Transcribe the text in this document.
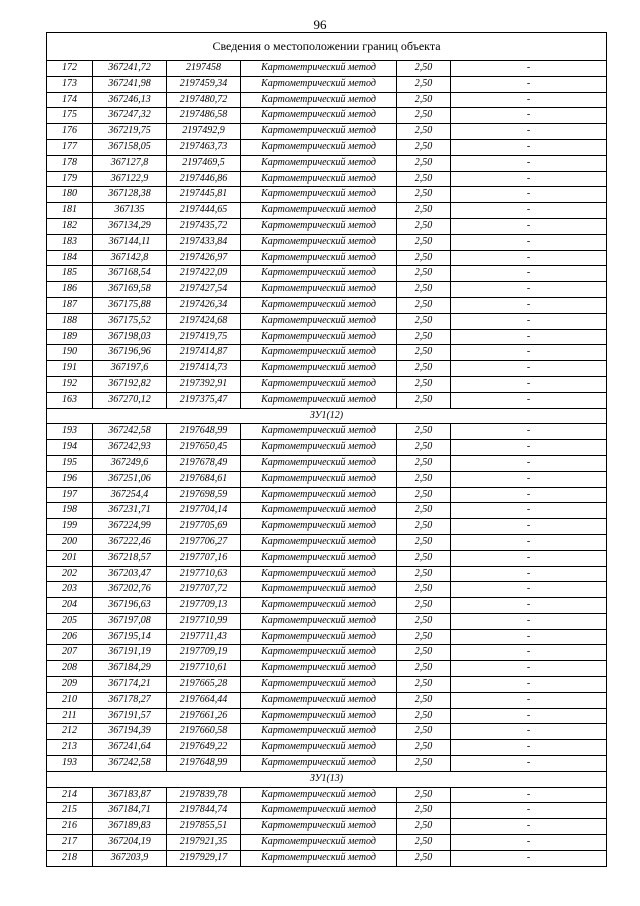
96
Сведения о местоположении границ объекта					
172	367241,72	2197458	Картометрический метод	2,50	-
173	367241,98	2197459,34	Картометрический метод	2,50	-
174	367246,13	2197480,72	Картометрический метод	2,50	-
175	367247,32	2197486,58	Картометрический метод	2,50	-
176	367219,75	2197492,9	Картометрический метод	2,50	-
177	367158,05	2197463,73	Картометрический метод	2,50	-
178	367127,8	2197469,5	Картометрический метод	2,50	-
179	367122,9	2197446,86	Картометрический метод	2,50	-
180	367128,38	2197445,81	Картометрический метод	2,50	-
181	367135	2197444,65	Картометрический метод	2,50	-
182	367134,29	2197435,72	Картометрический метод	2,50	-
183	367144,11	2197433,84	Картометрический метод	2,50	-
184	367142,8	2197426,97	Картометрический метод	2,50	-
185	367168,54	2197422,09	Картометрический метод	2,50	-
186	367169,58	2197427,54	Картометрический метод	2,50	-
187	367175,88	2197426,34	Картометрический метод	2,50	-
188	367175,52	2197424,68	Картометрический метод	2,50	-
189	367198,03	2197419,75	Картометрический метод	2,50	-
190	367196,96	2197414,87	Картометрический метод	2,50	-
191	367197,6	2197414,73	Картометрический метод	2,50	-
192	367192,82	2197392,91	Картометрический метод	2,50	-
163	367270,12	2197375,47	Картометрический метод	2,50	-
ЗУ1(12)					
193	367242,58	2197648,99	Картометрический метод	2,50	-
194	367242,93	2197650,45	Картометрический метод	2,50	-
195	367249,6	2197678,49	Картометрический метод	2,50	-
196	367251,06	2197684,61	Картометрический метод	2,50	-
197	367254,4	2197698,59	Картометрический метод	2,50	-
198	367231,71	2197704,14	Картометрический метод	2,50	-
199	367224,99	2197705,69	Картометрический метод	2,50	-
200	367222,46	2197706,27	Картометрический метод	2,50	-
201	367218,57	2197707,16	Картометрический метод	2,50	-
202	367203,47	2197710,63	Картометрический метод	2,50	-
203	367202,76	2197707,72	Картометрический метод	2,50	-
204	367196,63	2197709,13	Картометрический метод	2,50	-
205	367197,08	2197710,99	Картометрический метод	2,50	-
206	367195,14	2197711,43	Картометрический метод	2,50	-
207	367191,19	2197709,19	Картометрический метод	2,50	-
208	367184,29	2197710,61	Картометрический метод	2,50	-
209	367174,21	2197665,28	Картометрический метод	2,50	-
210	367178,27	2197664,44	Картометрический метод	2,50	-
211	367191,57	2197661,26	Картометрический метод	2,50	-
212	367194,39	2197660,58	Картометрический метод	2,50	-
213	367241,64	2197649,22	Картометрический метод	2,50	-
193	367242,58	2197648,99	Картометрический метод	2,50	-
ЗУ1(13)					
214	367183,87	2197839,78	Картометрический метод	2,50	-
215	367184,71	2197844,74	Картометрический метод	2,50	-
216	367189,83	2197855,51	Картометрический метод	2,50	-
217	367204,19	2197921,35	Картометрический метод	2,50	-
218	367203,9	2197929,17	Картометрический метод	2,50	-
